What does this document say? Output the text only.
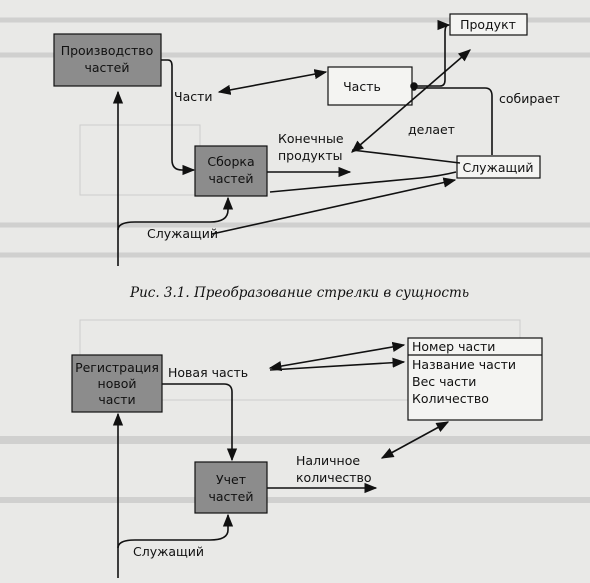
Производство
частей
Сборка
частей
Продукт
Часть
Служащий
Части
Конечные
продукты
собирает
делает
Служащий
Рис. 3.1. Преобразование стрелки в сущность
Регистрация
новой
части
Учет
частей
Номер части
Название части
Вес части
Количество
Новая часть
Наличное
количество
Служащий
